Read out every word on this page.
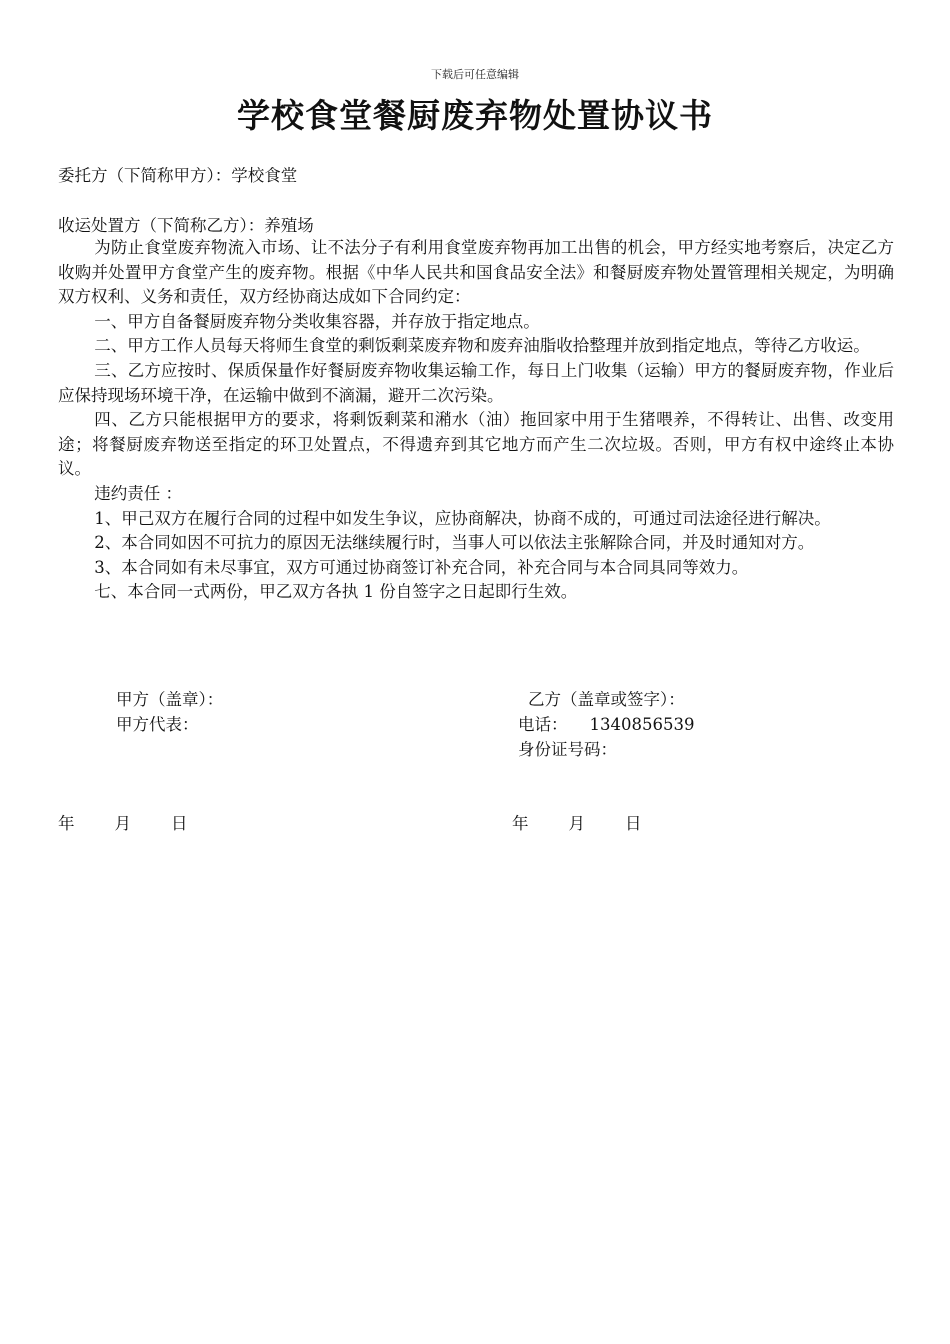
下载后可任意编辑
学校食堂餐厨废弃物处置协议书
委托方（下简称甲方）：学校食堂
收运处置方（下简称乙方）：养殖场

为防止食堂废弃物流入市场、让不法分子有利用食堂废弃物再加工出售的机会，甲方经实地考察后，决定乙方收购并处置甲方食堂产生的废弃物。根据《中华人民共和国食品安全法》和餐厨废弃物处置管理相关规定，为明确双方权利、义务和责任，双方经协商达成如下合同约定：

一、甲方自备餐厨废弃物分类收集容器，并存放于指定地点。

二、甲方工作人员每天将师生食堂的剩饭剩菜废弃物和废弃油脂收拾整理并放到指定地点，等待乙方收运。

三、乙方应按时、保质保量作好餐厨废弃物收集运输工作，每日上门收集（运输）甲方的餐厨废弃物，作业后应保持现场环境干净，在运输中做到不滴漏，避开二次污染。

四、乙方只能根据甲方的要求，将剩饭剩菜和潲水（油）拖回家中用于生猪喂养，不得转让、出售、改变用途；将餐厨废弃物送至指定的环卫处置点，不得遗弃到其它地方而产生二次垃圾。否则，甲方有权中途终止本协议。

违约责任 ：

1、甲己双方在履行合同的过程中如发生争议，应协商解决，协商不成的，可通过司法途径进行解决。

2、本合同如因不可抗力的原因无法继续履行时，当事人可以依法主张解除合同，并及时通知对方。

3、本合同如有未尽事宜，双方可通过协商签订补充合同，补充合同与本合同具同等效力。

七、本合同一式两份，甲乙双方各执 1 份自签字之日起即行生效。

甲方（盖章）：
甲方代表：
乙方（盖章或签字）：
电话： 1340856539
身份证号码：
年 月 日	年 月 日
